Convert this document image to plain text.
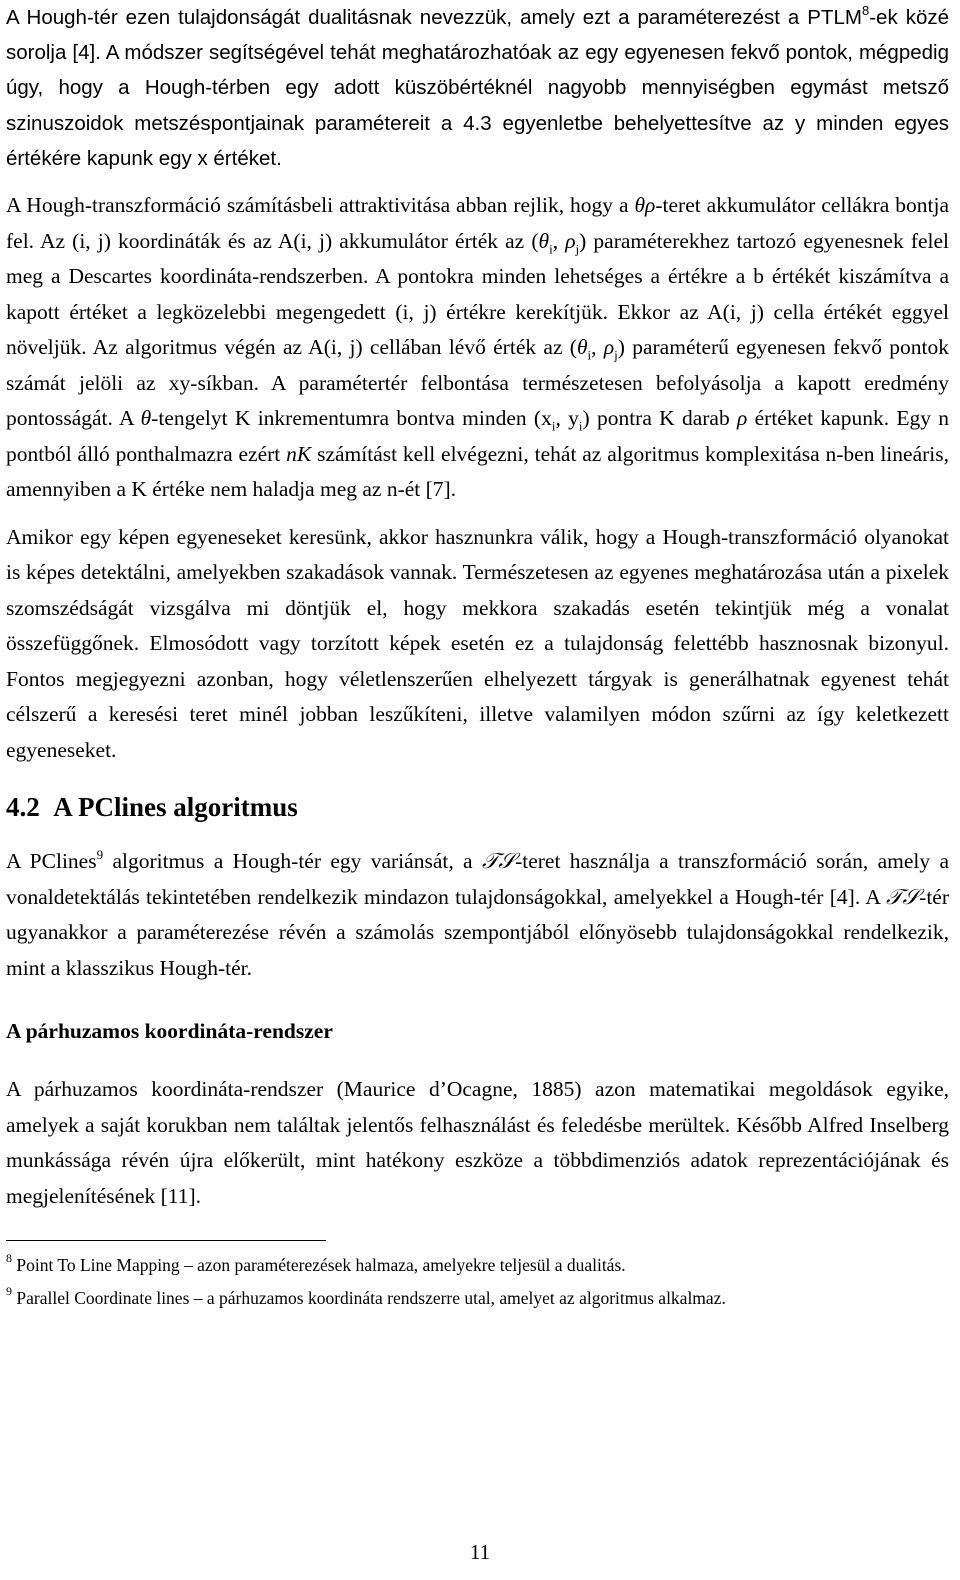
A Hough-tér ezen tulajdonságát dualitásnak nevezzük, amely ezt a paraméterezést a PTLM$^8$-ek közé sorolja [4]. A módszer segítségével tehát meghatározhatóak az egy egyenesen fekvő pontok, mégpedig úgy, hogy a Hough-térben egy adott küszöbértéknél nagyobb mennyiségben egymást metsző szinuszoidok metszéspontjainak paramétereit a 4.3 egyenletbe behelyettesítve az y minden egyes értékére kapunk egy x értéket.

A Hough-transzformáció számításbeli attraktivitása abban rejlik, hogy a θρ-teret akkumulátor cellákra bontja fel. Az (i, j) koordináták és az A(i, j) akkumulátor érték az ($\theta_i$, $\rho_j$) paraméterekhez tartozó egyenesnek felel meg a Descartes koordináta-rendszerben. A pontokra minden lehetséges a értékre a b értékét kiszámítva a kapott értéket a legközelebbi megengedett (i, j) értékre kerekítjük. Ekkor az A(i, j) cella értékét eggyel növeljük. Az algoritmus végén az A(i, j) cellában lévő érték az ($\theta_i$, $\rho_j$) paraméterű egyenesen fekvő pontok számát jelöli az xy-síkban. A paramétertér felbontása természetesen befolyásolja a kapott eredmény pontosságát. A θ-tengelyt K inkrementumra bontva minden ($x_i$, $y_i$) pontra K darab ρ értéket kapunk. Egy n pontból álló ponthalmazra ezért nK számítást kell elvégezni, tehát az algoritmus komplexitása n-ben lineáris, amennyiben a K értéke nem haladja meg az n-ét [7].

Amikor egy képen egyeneseket keresünk, akkor hasznunkra válik, hogy a Hough-transzformáció olyanokat is képes detektálni, amelyekben szakadások vannak. Természetesen az egyenes meghatározása után a pixelek szomszédságát vizsgálva mi döntjük el, hogy mekkora szakadás esetén tekintjük még a vonalat összefüggőnek. Elmosódott vagy torzított képek esetén ez a tulajdonság felettébb hasznosnak bizonyul. Fontos megjegyezni azonban, hogy véletlenszerűen elhelyezett tárgyak is generálhatnak egyenest tehát célszerű a keresési teret minél jobban leszűkíteni, illetve valamilyen módon szűrni az így keletkezett egyeneseket.

4.2 A PClines algoritmus

A PClines$^9$ algoritmus a Hough-tér egy variánsát, a 𝒯𝒮-teret használja a transzformáció során, amely a vonaldetektálás tekintetében rendelkezik mindazon tulajdonságokkal, amelyekkel a Hough-tér [4]. A 𝒯𝒮-tér ugyanakkor a paraméterezése révén a számolás szempontjából előnyösebb tulajdonságokkal rendelkezik, mint a klasszikus Hough-tér.

A párhuzamos koordináta-rendszer

A párhuzamos koordináta-rendszer (Maurice d’Ocagne, 1885) azon matematikai megoldások egyike, amelyek a saját korukban nem találtak jelentős felhasználást és feledésbe merültek. Később Alfred Inselberg munkássága révén újra előkerült, mint hatékony eszköze a többdimenziós adatok reprezentációjának és megjelenítésének [11].

$^8$ Point To Line Mapping – azon paraméterezések halmaza, amelyekre teljesül a dualitás.

$^9$ Parallel Coordinate lines – a párhuzamos koordináta rendszerre utal, amelyet az algoritmus alkalmaz.

11
